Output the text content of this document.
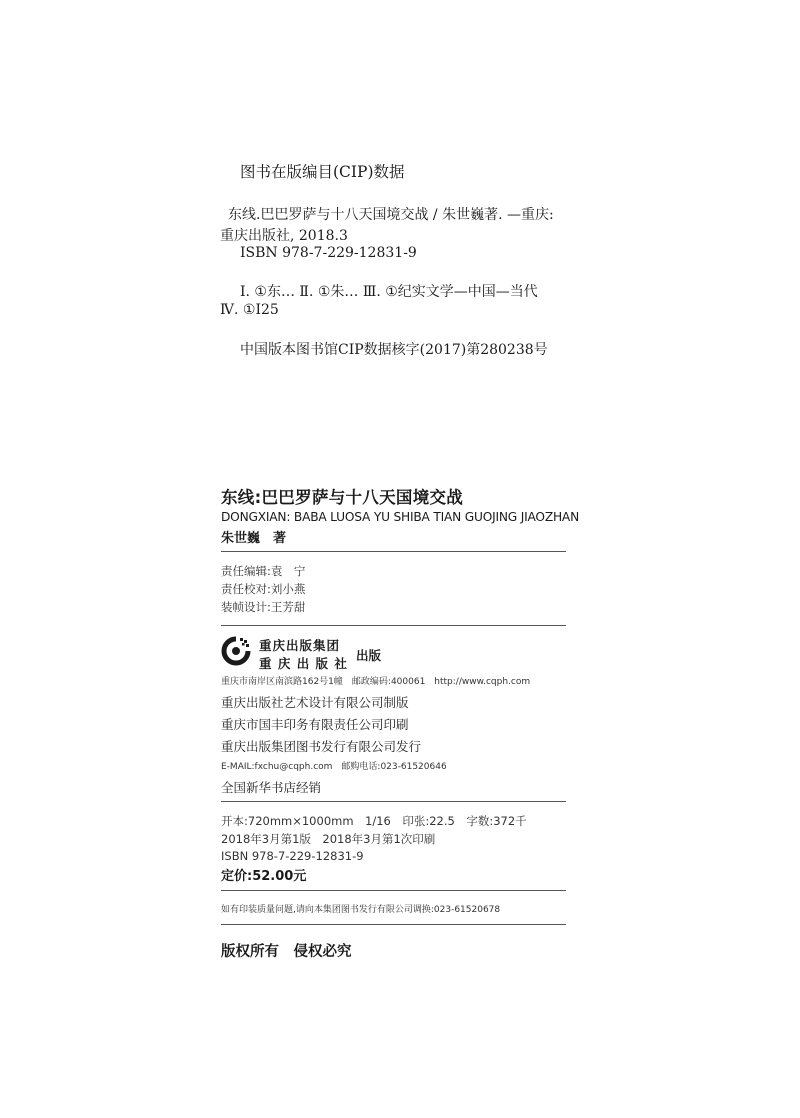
图书在版编目(CIP)数据
东线.巴巴罗萨与十八天国境交战 / 朱世巍著. —重庆:
重庆出版社, 2018.3
ISBN 978-7-229-12831-9
Ⅰ. ①东… Ⅱ. ①朱… Ⅲ. ①纪实文学—中国—当代
Ⅳ. ①I25
中国版本图书馆CIP数据核字(2017)第280238号
东线:巴巴罗萨与十八天国境交战
DONGXIAN: BABA LUOSA YU SHIBA TIAN GUOJING JIAOZHAN
朱世巍　著
责任编辑:袁　宁
责任校对:刘小燕
装帧设计:王芳甜
重庆出版集团
重 庆 出 版 社
出版
重庆市南岸区南滨路162号1幢　邮政编码:400061　http://www.cqph.com
重庆出版社艺术设计有限公司制版
重庆市国丰印务有限责任公司印刷
重庆出版集团图书发行有限公司发行
E-MAIL:fxchu@cqph.com　邮购电话:023-61520646
全国新华书店经销
开本:720mm×1000mm　1/16　印张:22.5　字数:372千
2018年3月第1版　2018年3月第1次印刷
ISBN 978-7-229-12831-9
定价:52.00元
如有印装质量问题,请向本集团图书发行有限公司调换:023-61520678
版权所有　侵权必究
